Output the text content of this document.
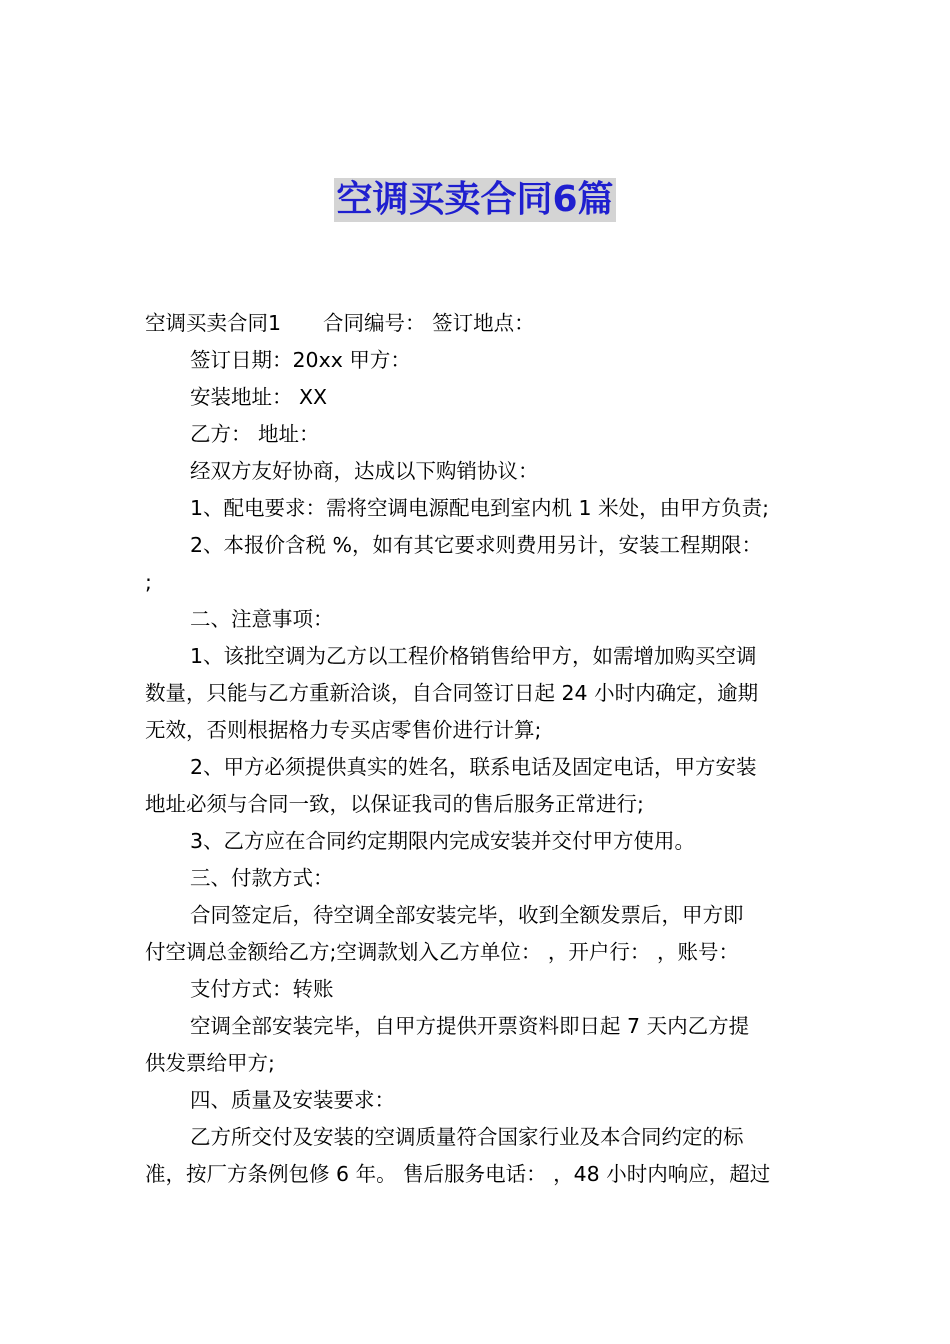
空调买卖合同6篇

空调买卖合同1 合同编号： 签订地点：

签订日期：20xx 甲方：

安装地址： XX

乙方： 地址：

经双方友好协商，达成以下购销协议：

1、配电要求：需将空调电源配电到室内机 1 米处，由甲方负责;

2、本报价含税 %，如有其它要求则费用另计，安装工程期限：

;

二、注意事项：

1、该批空调为乙方以工程价格销售给甲方，如需增加购买空调

数量，只能与乙方重新洽谈，自合同签订日起 24 小时内确定，逾期
无效，否则根据格力专买店零售价进行计算;

2、甲方必须提供真实的姓名，联系电话及固定电话，甲方安装

地址必须与合同一致，以保证我司的售后服务正常进行;

3、乙方应在合同约定期限内完成安装并交付甲方使用。

三、付款方式：

合同签定后，待空调全部安装完毕，收到全额发票后，甲方即

付空调总金额给乙方;空调款划入乙方单位： ，开户行： ，账号：

支付方式：转账

空调全部安装完毕，自甲方提供开票资料即日起 7 天内乙方提

供发票给甲方;

四、质量及安装要求：

乙方所交付及安装的空调质量符合国家行业及本合同约定的标

准，按厂方条例包修 6 年。 售后服务电话： ，48 小时内响应，超过
